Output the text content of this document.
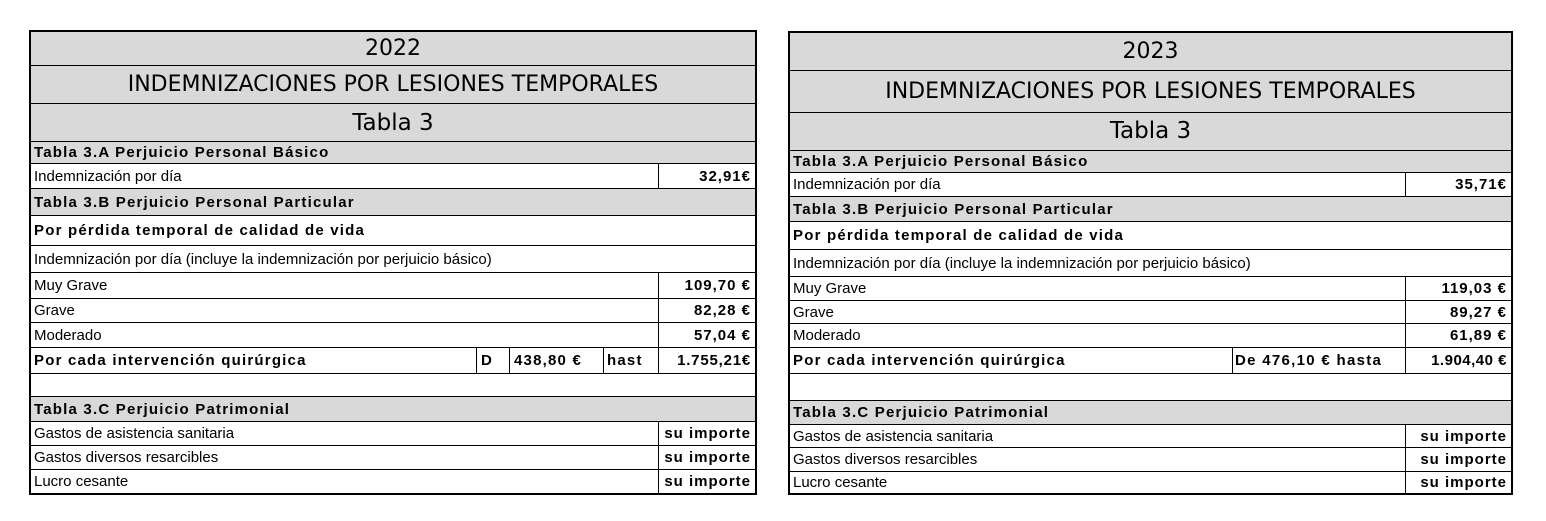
2022
INDEMNIZACIONES POR LESIONES TEMPORALES
Tabla 3
Tabla 3.A Perjuicio Personal Básico
Indemnización por día	32,91€
Tabla 3.B Perjuicio Personal Particular
Por pérdida temporal de calidad de vida
Indemnización por día (incluye la indemnización por perjuicio básico)
Muy Grave	109,70 €
Grave	82,28 €
Moderado	57,04 €
Por cada intervención quirúrgica	D	438,80 €	hast	1.755,21€
Tabla 3.C Perjuicio Patrimonial
Gastos de asistencia sanitaria	su importe
Gastos diversos resarcibles	su importe
Lucro cesante	su importe
2023
INDEMNIZACIONES POR LESIONES TEMPORALES
Tabla 3
Tabla 3.A Perjuicio Personal Básico
Indemnización por día	35,71€
Tabla 3.B Perjuicio Personal Particular
Por pérdida temporal de calidad de vida
Indemnización por día (incluye la indemnización por perjuicio básico)
Muy Grave	119,03 €
Grave	89,27 €
Moderado	61,89 €
Por cada intervención quirúrgica	De 476,10 € hasta	1.904,40 €
Tabla 3.C Perjuicio Patrimonial
Gastos de asistencia sanitaria	su importe
Gastos diversos resarcibles	su importe
Lucro cesante	su importe
